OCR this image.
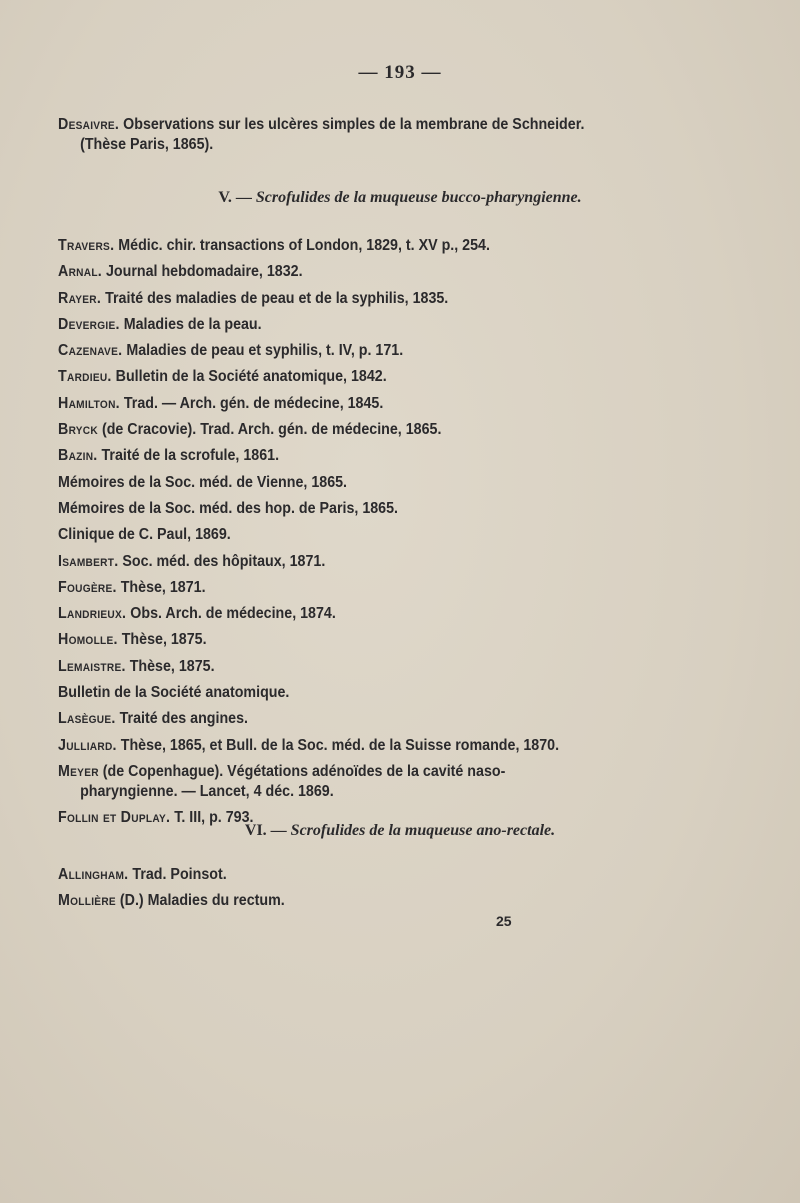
— 193 —
Desaivre. Observations sur les ulcères simples de la membrane de Schneider. (Thèse Paris, 1865).
V. — Scrofulides de la muqueuse bucco-pharyngienne.
Travers. Médic. chir. transactions of London, 1829, t. XV p., 254.
Arnal. Journal hebdomadaire, 1832.
Rayer. Traité des maladies de peau et de la syphilis, 1835.
Devergie. Maladies de la peau.
Cazenave. Maladies de peau et syphilis, t. IV, p. 171.
Tardieu. Bulletin de la Société anatomique, 1842.
Hamilton. Trad. — Arch. gén. de médecine, 1845.
Bryck (de Cracovie). Trad. Arch. gén. de médecine, 1865.
Bazin. Traité de la scrofule, 1861.
Mémoires de la Soc. méd. de Vienne, 1865.
Mémoires de la Soc. méd. des hop. de Paris, 1865.
Clinique de C. Paul, 1869.
Isambert. Soc. méd. des hôpitaux, 1871.
Fougère. Thèse, 1871.
Landrieux. Obs. Arch. de médecine, 1874.
Homolle. Thèse, 1875.
Lemaistre. Thèse, 1875.
Bulletin de la Société anatomique.
Lasègue. Traité des angines.
Julliard. Thèse, 1865, et Bull. de la Soc. méd. de la Suisse romande, 1870.
Meyer (de Copenhague). Végétations adénoïdes de la cavité naso-pharyngienne. — Lancet, 4 déc. 1869.
Follin et Duplay. T. III, p. 793.
VI. — Scrofulides de la muqueuse ano-rectale.
Allingham. Trad. Poinsot.
Mollière (D.) Maladies du rectum.
25
